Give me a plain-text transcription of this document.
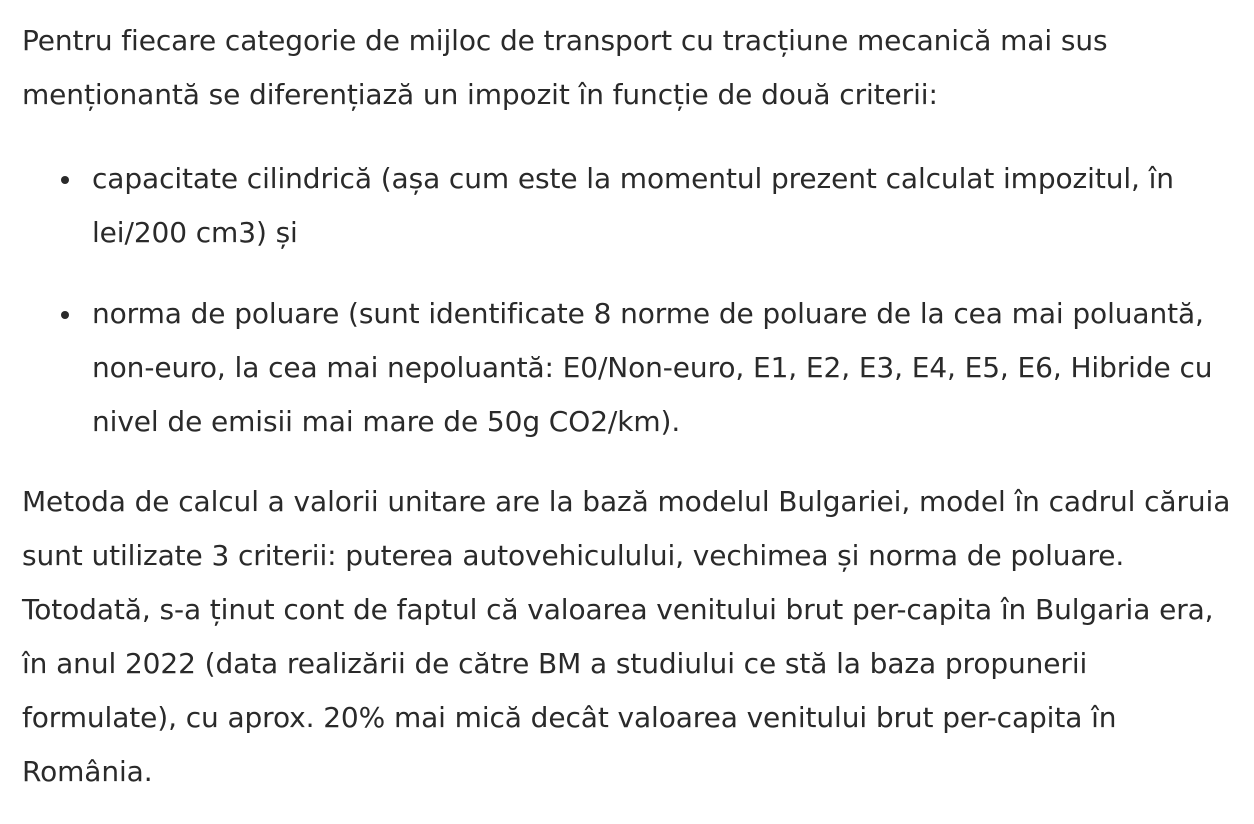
Pentru fiecare categorie de mijloc de transport cu tracțiune mecanică mai sus menționantă se diferențiază un impozit în funcție de două criterii:

capacitate cilindrică (așa cum este la momentul prezent calculat impozitul, în lei/200 cm3) și
norma de poluare (sunt identificate 8 norme de poluare de la cea mai poluantă, non-euro, la cea mai nepoluantă: E0/Non-euro, E1, E2, E3, E4, E5, E6, Hibride cu nivel de emisii mai mare de 50g CO2/km).

Metoda de calcul a valorii unitare are la bază modelul Bulgariei, model în cadrul căruia sunt utilizate 3 criterii: puterea autovehiculului, vechimea și norma de poluare. Totodată, s-a ținut cont de faptul că valoarea venitului brut per-capita în Bulgaria era, în anul 2022 (data realizării de către BM a studiului ce stă la baza propunerii formulate), cu aprox. 20% mai mică decât valoarea venitului brut per-capita în România.
